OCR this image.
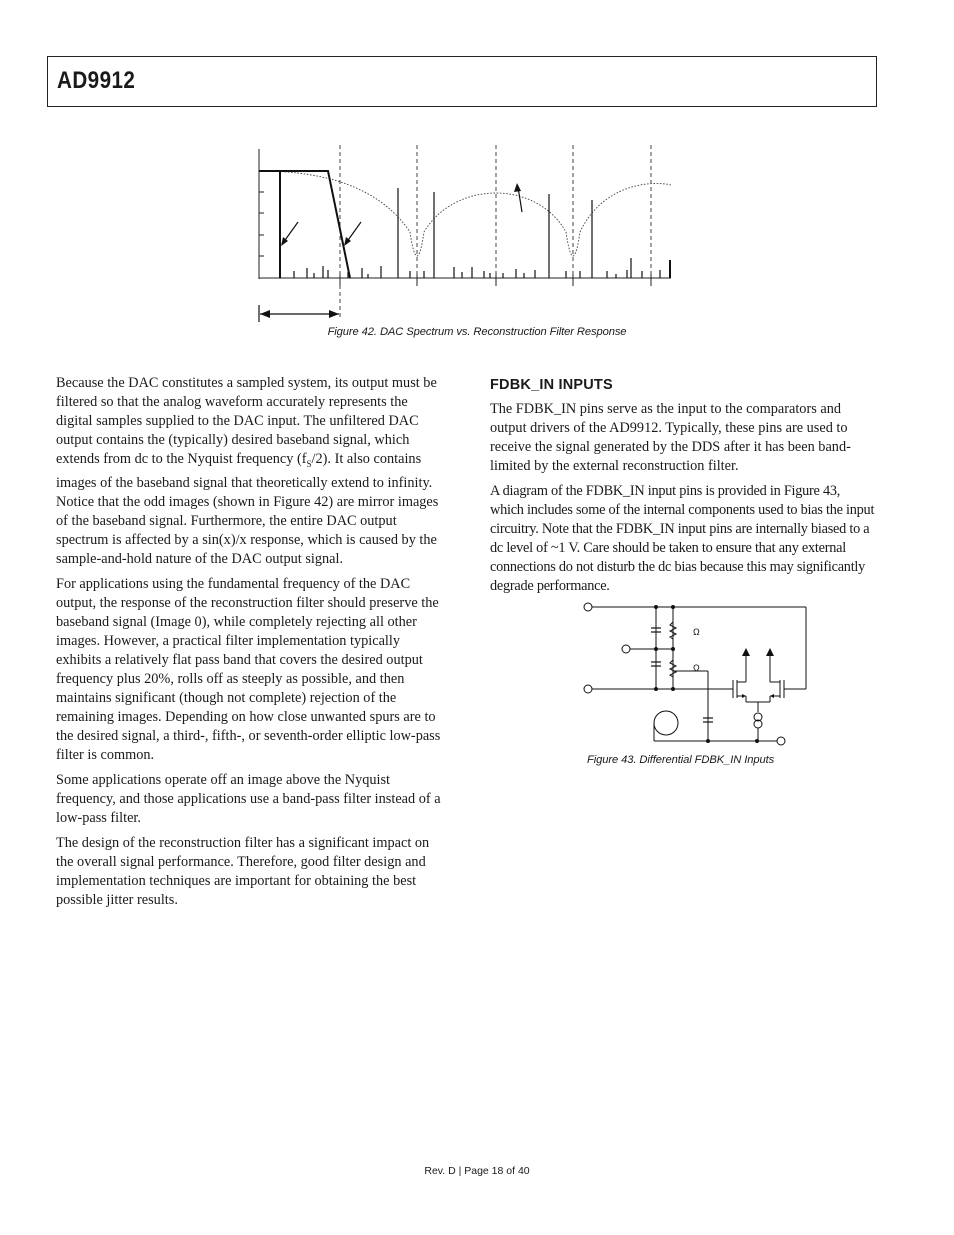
AD9912

Figure 42. DAC Spectrum vs. Reconstruction Filter Response

Because the DAC constitutes a sampled system, its output must be filtered so that the analog waveform accurately represents the digital samples supplied to the DAC input. The unfiltered DAC output contains the (typically) desired baseband signal, which extends from dc to the Nyquist frequency $(f_S/2)$. It also contains images of the baseband signal that theoretically extend to infinity. Notice that the odd images (shown in Figure 42) are mirror images of the baseband signal. Furthermore, the entire DAC output spectrum is affected by a sin(x)/x response, which is caused by the sample-and-hold nature of the DAC output signal.

For applications using the fundamental frequency of the DAC output, the response of the reconstruction filter should preserve the baseband signal (Image 0), while completely rejecting all other images. However, a practical filter implementation typically exhibits a relatively flat pass band that covers the desired output frequency plus 20%, rolls off as steeply as possible, and then maintains significant (though not complete) rejection of the remaining images. Depending on how close unwanted spurs are to the desired signal, a third-, fifth-, or seventh-order elliptic low-pass filter is common.

Some applications operate off an image above the Nyquist frequency, and those applications use a band-pass filter instead of a low-pass filter.

The design of the reconstruction filter has a significant impact on the overall signal performance. Therefore, good filter design and implementation techniques are important for obtaining the best possible jitter results.

FDBK_IN INPUTS

The FDBK_IN pins serve as the input to the comparators and output drivers of the AD9912. Typically, these pins are used to receive the signal generated by the DDS after it has been band-limited by the external reconstruction filter.

A diagram of the FDBK_IN input pins is provided in Figure 43, which includes some of the internal components used to bias the input circuitry. Note that the FDBK_IN input pins are internally biased to a dc level of ~1 V. Care should be taken to ensure that any external connections do not disturb the dc bias because this may significantly degrade performance.

Ω
Ω

Figure 43. Differential FDBK_IN Inputs

Rev. D | Page 18 of 40
